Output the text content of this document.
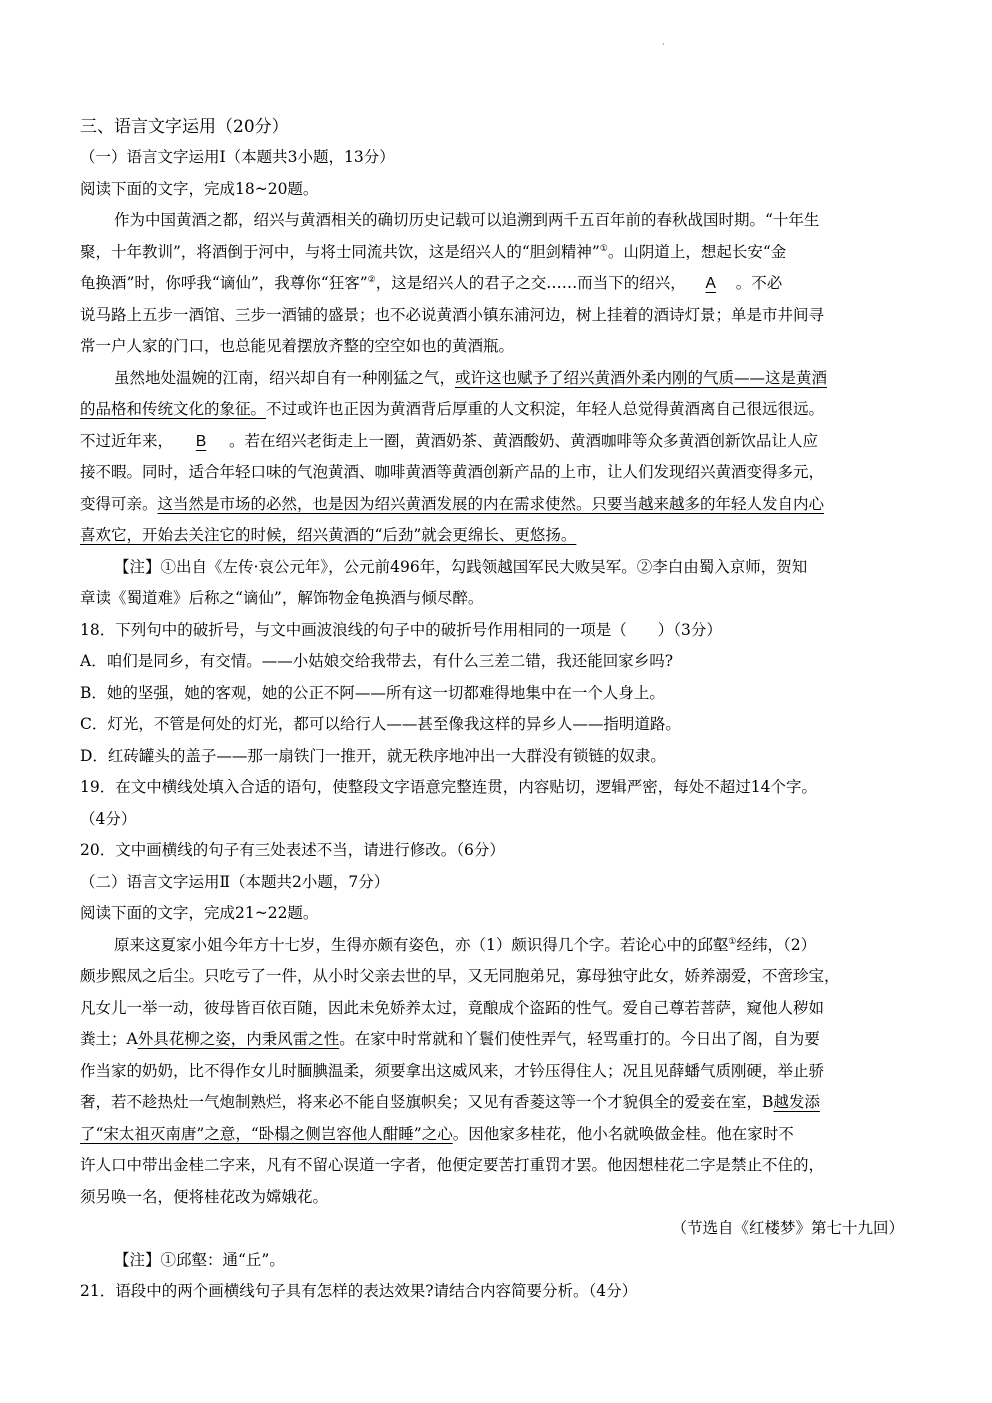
·
三、语言文字运用（20分）
（一）语言文字运用Ⅰ（本题共3小题，13分）
阅读下面的文字，完成18~20题。
作为中国黄酒之都，绍兴与黄酒相关的确切历史记载可以追溯到两千五百年前的春秋战国时期。“十年生
聚，十年教训”，将酒倒于河中，与将士同流共饮，这是绍兴人的“胆剑精神”①。山阴道上，想起长安“金
龟换酒”时，你呼我“谪仙”，我尊你“狂客”②，这是绍兴人的君子之交……而当下的绍兴， A 。不必
说马路上五步一酒馆、三步一酒铺的盛景；也不必说黄酒小镇东浦河边，树上挂着的酒诗灯景；单是市井间寻
常一户人家的门口，也总能见着摆放齐整的空空如也的黄酒瓶。
虽然地处温婉的江南，绍兴却自有一种刚猛之气，或许这也赋予了绍兴黄酒外柔内刚的气质——这是黄酒
的品格和传统文化的象征。不过或许也正因为黄酒背后厚重的人文积淀，年轻人总觉得黄酒离自己很远很远。
不过近年来， B 。若在绍兴老街走上一圈，黄酒奶茶、黄酒酸奶、黄酒咖啡等众多黄酒创新饮品让人应
接不暇。同时，适合年轻口味的气泡黄酒、咖啡黄酒等黄酒创新产品的上市，让人们发现绍兴黄酒变得多元，
变得可亲。这当然是市场的必然，也是因为绍兴黄酒发展的内在需求使然。只要当越来越多的年轻人发自内心
喜欢它，开始去关注它的时候，绍兴黄酒的“后劲”就会更绵长、更悠扬。
【注】①出自《左传·哀公元年》，公元前496年，勾践领越国军民大败吴军。②李白由蜀入京师，贺知
章读《蜀道难》后称之“谪仙”，解饰物金龟换酒与倾尽醉。
18．下列句中的破折号，与文中画波浪线的句子中的破折号作用相同的一项是（　　）（3分）
A．咱们是同乡，有交情。——小姑娘交给我带去，有什么三差二错，我还能回家乡吗?
B．她的坚强，她的客观，她的公正不阿——所有这一切都难得地集中在一个人身上。
C．灯光，不管是何处的灯光，都可以给行人——甚至像我这样的异乡人——指明道路。
D．红砖罐头的盖子——那一扇铁门一推开，就无秩序地冲出一大群没有锁链的奴隶。
19．在文中横线处填入合适的语句，使整段文字语意完整连贯，内容贴切，逻辑严密，每处不超过14个字。
（4分）
20．文中画横线的句子有三处表述不当，请进行修改。（6分）
（二）语言文字运用Ⅱ（本题共2小题，7分）
阅读下面的文字，完成21~22题。
原来这夏家小姐今年方十七岁，生得亦颇有姿色，亦（1）颇识得几个字。若论心中的邱壑①经纬，（2）
颇步熙凤之后尘。只吃亏了一件，从小时父亲去世的早，又无同胞弟兄，寡母独守此女，娇养溺爱，不啻珍宝，
凡女儿一举一动，彼母皆百依百随，因此未免娇养太过，竟酿成个盗跖的性气。爱自己尊若菩萨，窥他人秽如
粪土；A外具花柳之姿，内秉风雷之性。在家中时常就和丫鬟们使性弄气，轻骂重打的。今日出了阁，自为要
作当家的奶奶，比不得作女儿时腼腆温柔，须要拿出这威风来，才钤压得住人；况且见薛蟠气质刚硬，举止骄
奢，若不趁热灶一气炮制熟烂，将来必不能自竖旗帜矣；又见有香菱这等一个才貌俱全的爱妾在室，B越发添
了“宋太祖灭南唐”之意，“卧榻之侧岂容他人酣睡”之心。因他家多桂花，他小名就唤做金桂。他在家时不
许人口中带出金桂二字来，凡有不留心误道一字者，他便定要苦打重罚才罢。他因想桂花二字是禁止不住的，
须另唤一名，便将桂花改为嫦娥花。
（节选自《红楼梦》第七十九回）
【注】①邱壑：通“丘”。
21．语段中的两个画横线句子具有怎样的表达效果?请结合内容简要分析。（4分）
